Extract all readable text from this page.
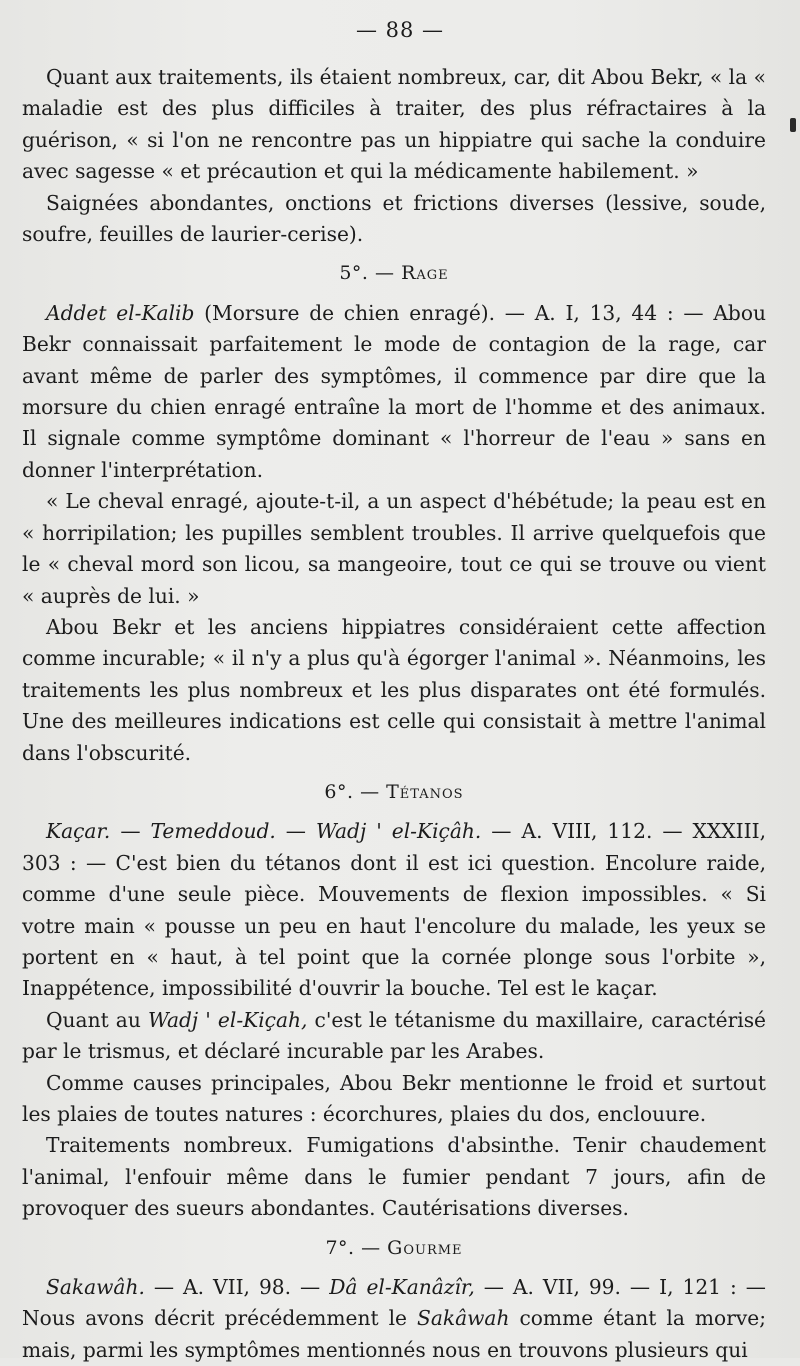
— 88 —

Quant aux traitements, ils étaient nombreux, car, dit Abou Bekr, « la « maladie est des plus difficiles à traiter, des plus réfractaires à la guérison, « si l'on ne rencontre pas un hippiatre qui sache la conduire avec sagesse « et précaution et qui la médicamente habilement. »

Saignées abondantes, onctions et frictions diverses (lessive, soude, soufre, feuilles de laurier-cerise).

5°. — Rage

Addet el-Kalib (Morsure de chien enragé). — A. I, 13, 44 : — Abou Bekr connaissait parfaitement le mode de contagion de la rage, car avant même de parler des symptômes, il commence par dire que la morsure du chien enragé entraîne la mort de l'homme et des animaux. Il signale comme symptôme dominant « l'horreur de l'eau » sans en donner l'interprétation.

« Le cheval enragé, ajoute-t-il, a un aspect d'hébétude; la peau est en « horripilation; les pupilles semblent troubles. Il arrive quelquefois que le « cheval mord son licou, sa mangeoire, tout ce qui se trouve ou vient « auprès de lui. »

Abou Bekr et les anciens hippiatres considéraient cette affection comme incurable; « il n'y a plus qu'à égorger l'animal ». Néanmoins, les traitements les plus nombreux et les plus disparates ont été formulés. Une des meilleures indications est celle qui consistait à mettre l'animal dans l'obscurité.

6°. — Tétanos

Kaçar. — Temeddoud. — Wadj ' el-Kiçâh. — A. VIII, 112. — XXXIII, 303 : — C'est bien du tétanos dont il est ici question. Encolure raide, comme d'une seule pièce. Mouvements de flexion impossibles. « Si votre main « pousse un peu en haut l'encolure du malade, les yeux se portent en « haut, à tel point que la cornée plonge sous l'orbite », Inappétence, impossibilité d'ouvrir la bouche. Tel est le kaçar.

Quant au Wadj ' el-Kiçah, c'est le tétanisme du maxillaire, caractérisé par le trismus, et déclaré incurable par les Arabes.

Comme causes principales, Abou Bekr mentionne le froid et surtout les plaies de toutes natures : écorchures, plaies du dos, enclouure.

Traitements nombreux. Fumigations d'absinthe. Tenir chaudement l'animal, l'enfouir même dans le fumier pendant 7 jours, afin de provoquer des sueurs abondantes. Cautérisations diverses.

7°. — Gourme

Sakawâh. — A. VII, 98. — Dâ el-Kanâzîr, — A. VII, 99. — I, 121 : — Nous avons décrit précédemment le Sakâwah comme étant la morve; mais, parmi les symptômes mentionnés nous en trouvons plusieurs qui
